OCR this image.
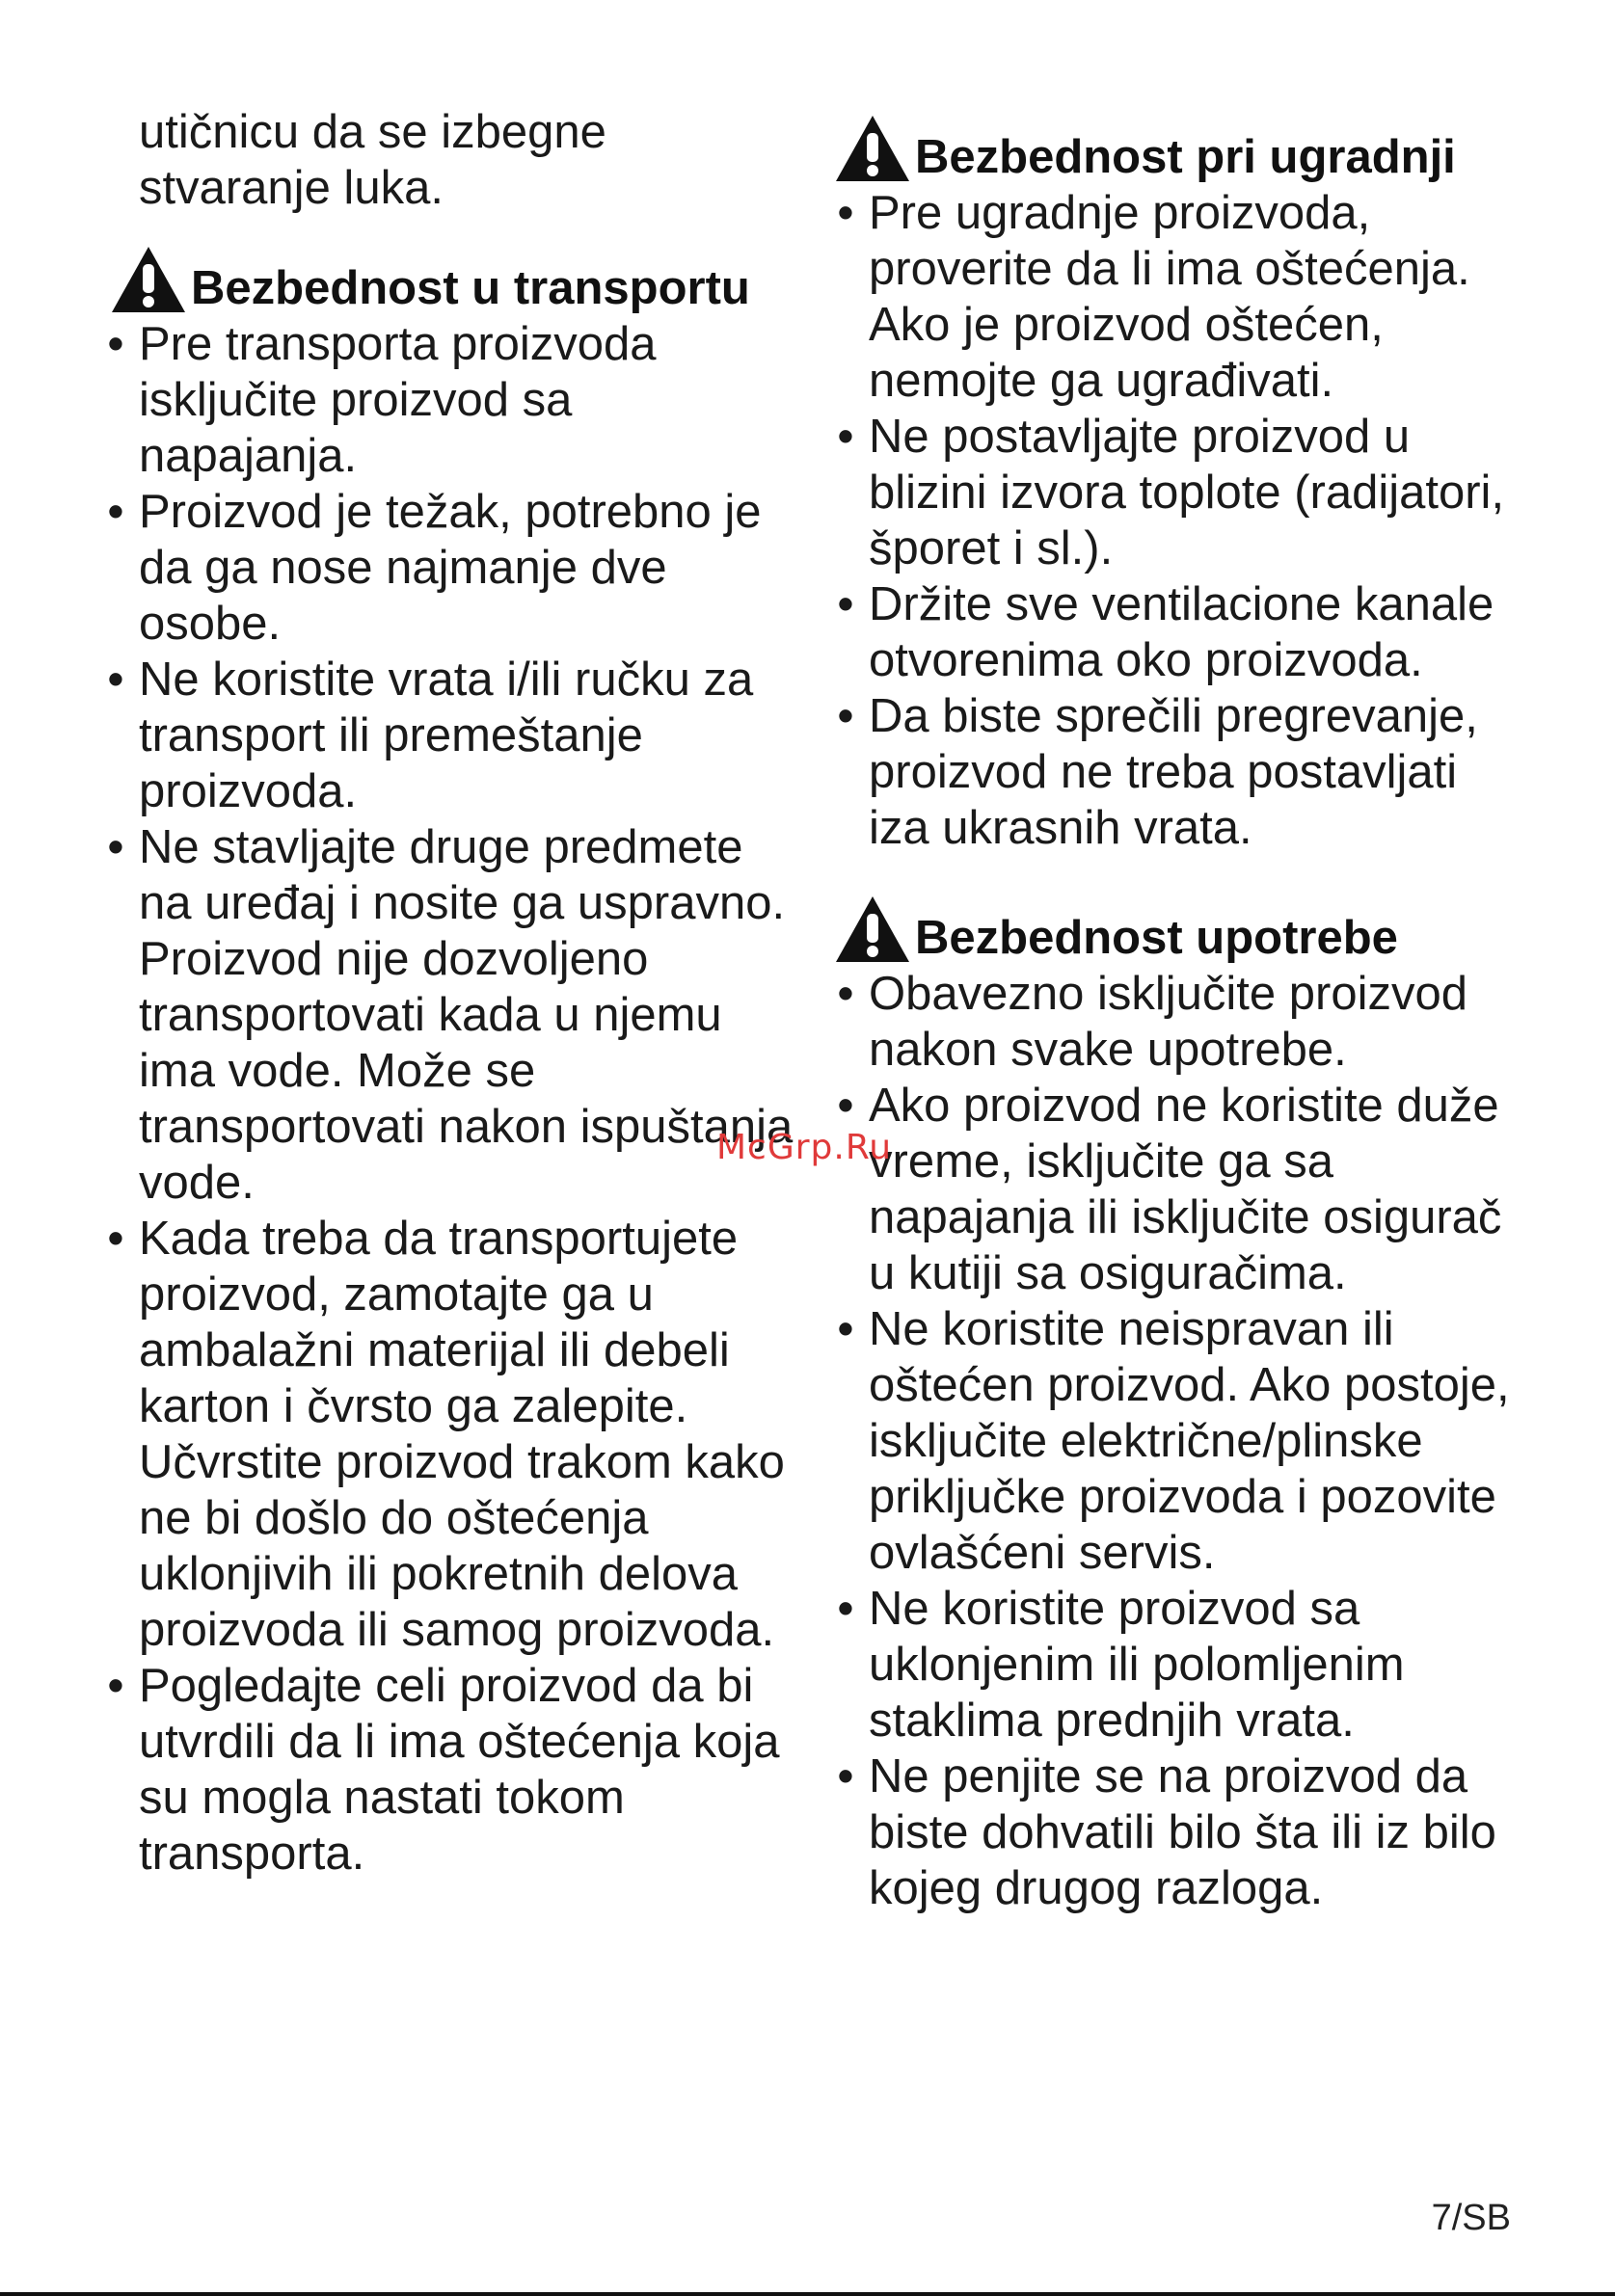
utičnicu da se izbegne

stvaranje luka.

Bezbednost u transportu
• Pre transporta proizvoda isključite proizvod sa napajanja.
• Proizvod je težak, potrebno je da ga nose najmanje dve osobe.
• Ne koristite vrata i/ili ručku za transport ili premeštanje proizvoda.
• Ne stavljajte druge predmete na uređaj i nosite ga uspravno.
Proizvod nije dozvoljeno transportovati kada u njemu ima vode. Može se transportovati nakon ispuštanja vode.
• Kada treba da transportujete proizvod, zamotajte ga u ambalažni materijal ili debeli karton i čvrsto ga zalepite. Učvrstite proizvod trakom kako ne bi došlo do oštećenja uklonjivih ili pokretnih delova proizvoda ili samog proizvoda.
• Pogledajte celi proizvod da bi utvrdili da li ima oštećenja koja su mogla nastati tokom transporta.
Bezbednost pri ugradnji
• Pre ugradnje proizvoda, proverite da li ima oštećenja. Ako je proizvod oštećen, nemojte ga ugrađivati.
• Ne postavljajte proizvod u blizini izvora toplote (radijatori, šporet i sl.).
• Držite sve ventilacione kanale otvorenima oko proizvoda.
• Da biste sprečili pregrevanje, proizvod ne treba postavljati iza ukrasnih vrata.
Bezbednost upotrebe
• Obavezno isključite proizvod nakon svake upotrebe.
• Ako proizvod ne koristite duže vreme, isključite ga sa napajanja ili isključite osigurač u kutiji sa osiguračima.
• Ne koristite neispravan ili oštećen proizvod. Ako postoje, isključite električne/plinske priključke proizvoda i pozovite ovlašćeni servis.
• Ne koristite proizvod sa uklonjenim ili polomljenim staklima prednjih vrata.
• Ne penjite se na proizvod da biste dohvatili bilo šta ili iz bilo kojeg drugog razloga.
McGrp.Ru
7/SB
